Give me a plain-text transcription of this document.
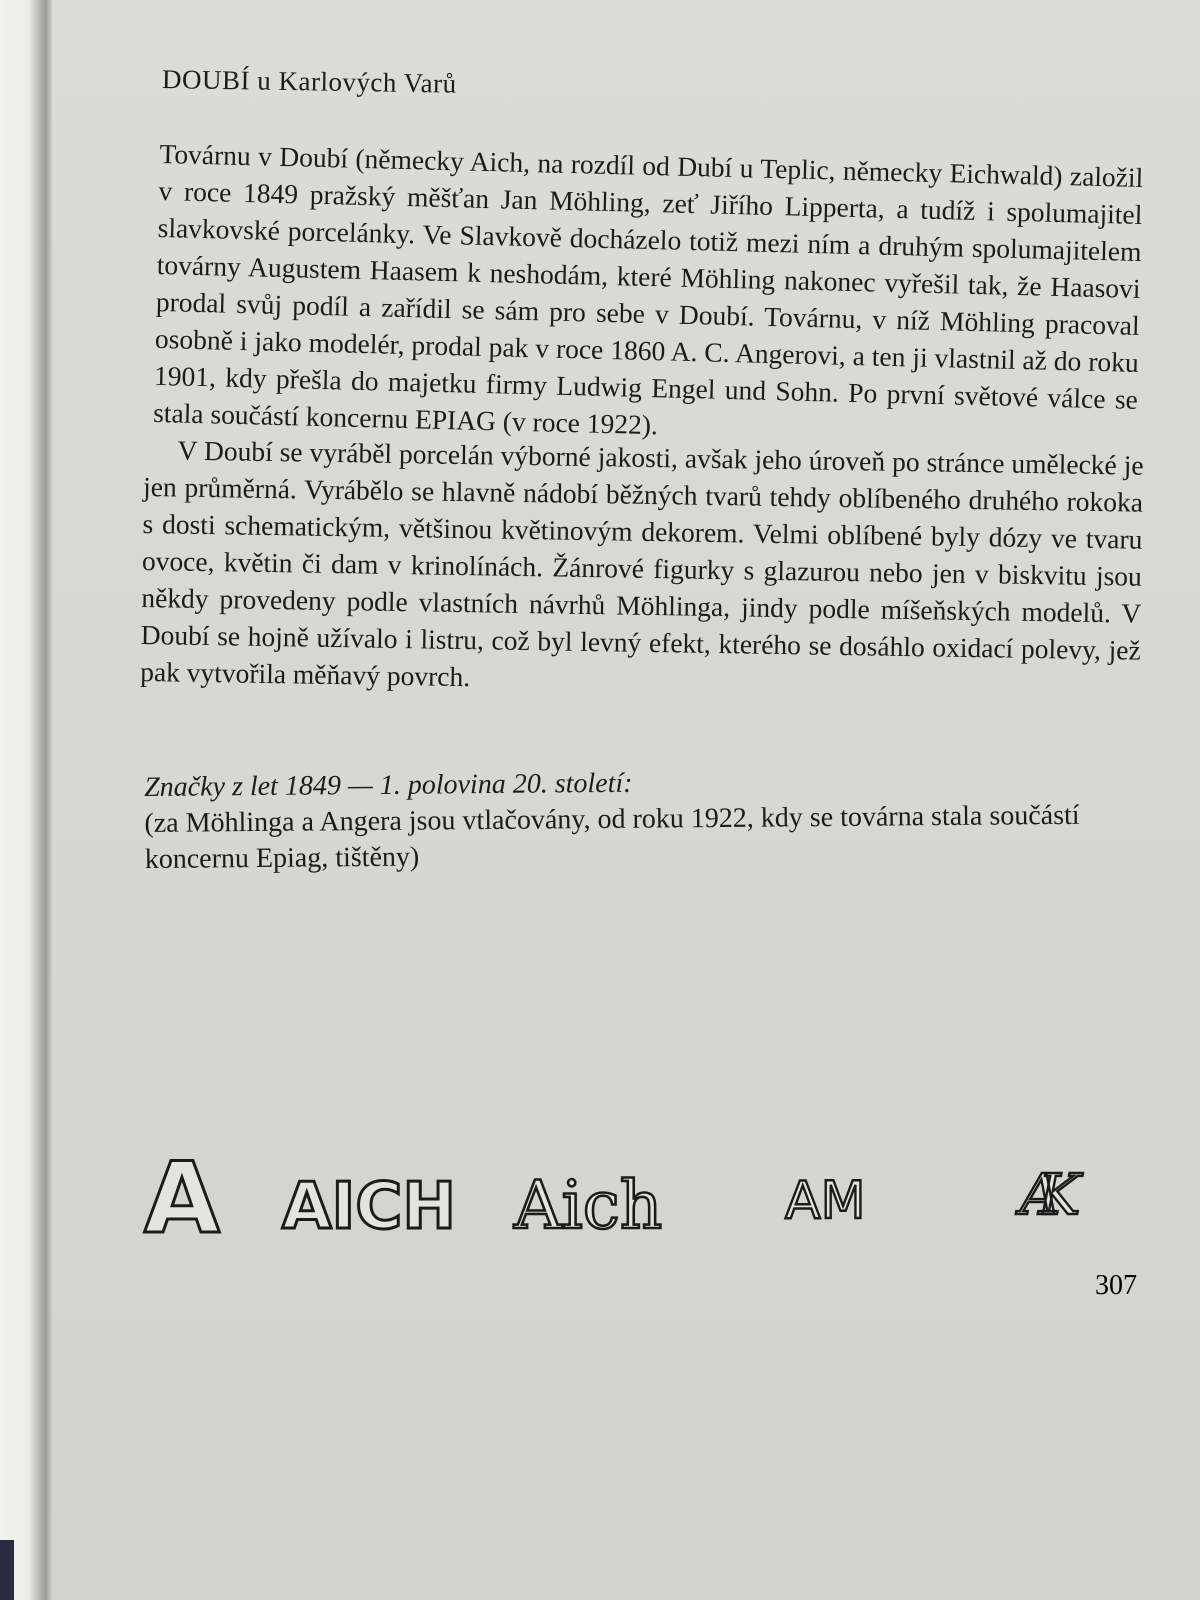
DOUBÍ u Karlových Varů

Továrnu v Doubí (německy Aich, na rozdíl od Dubí u Teplic, německy Eichwald) založil v roce 1849 pražský měšťan Jan Möhling, zeť Jiřího Lipperta, a tudíž i spolumajitel slavkovské porcelánky. Ve Slavkově docházelo totiž mezi ním a druhým spolumajitelem továrny Augustem Haasem k neshodám, které Möhling nakonec vyřešil tak, že Haasovi prodal svůj podíl a zařídil se sám pro sebe v Doubí. Továrnu, v níž Möhling pracoval osobně i jako modelér, prodal pak v roce 1860 A. C. Angerovi, a ten ji vlastnil až do roku 1901, kdy přešla do majetku firmy Ludwig Engel und Sohn. Po první světové válce se stala součástí koncernu EPIAG (v roce 1922).

V Doubí se vyráběl porcelán výborné jakosti, avšak jeho úroveň po stránce umělecké je jen průměrná. Vyrábělo se hlavně nádobí běžných tvarů tehdy oblíbeného druhého rokoka s dosti schematickým, většinou květinovým dekorem. Velmi oblíbené byly dózy ve tvaru ovoce, květin či dam v krinolínách. Žánrové figurky s glazurou nebo jen v biskvitu jsou někdy provedeny podle vlastních návrhů Möhlinga, jindy podle míšeňských modelů. V Doubí se hojně užívalo i listru, což byl levný efekt, kterého se dosáhlo oxidací polevy, jež pak vytvořila měňavý povrch.

Značky z let 1849 — 1. polovina 20. století:
(za Möhlinga a Angera jsou vtlačovány, od roku 1922, kdy se továrna stala součástí koncernu Epiag, tištěny)
A AICH Aich AM	AK
307
